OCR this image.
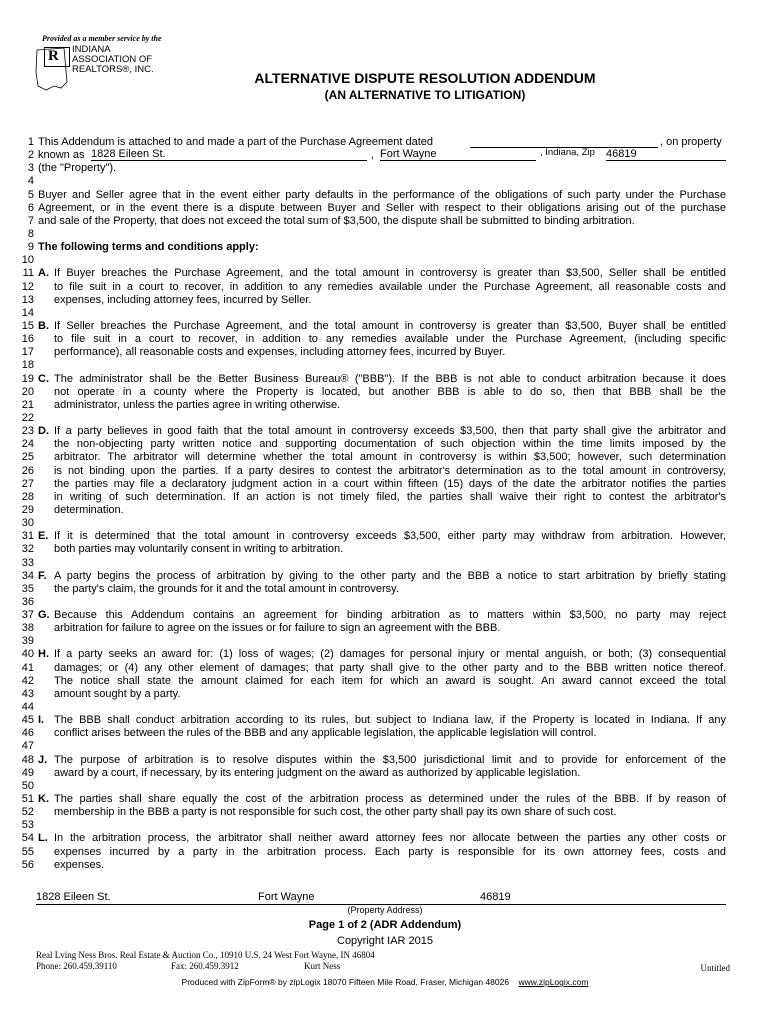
Provided as a member service by the
R INDIANA
ASSOCIATION OF
REALTORS®, INC.
ALTERNATIVE DISPUTE RESOLUTION ADDENDUM
(AN ALTERNATIVE TO LITIGATION)
1 This Addendum is attached to and made a part of the Purchase Agreement dated	, on property
2 known as 1828 Eileen St.	, Fort Wayne	, Indiana, Zip 46819
3 (the "Property").
4
5 Buyer and Seller agree that in the event either party defaults in the performance of the obligations of such party under the Purchase
6 Agreement, or in the event there is a dispute between Buyer and Seller with respect to their obligations arising out of the purchase
7 and sale of the Property, that does not exceed the total sum of $3,500, the dispute shall be submitted to binding arbitration.
8
9 The following terms and conditions apply:
10
11 A. If Buyer breaches the Purchase Agreement, and the total amount in controversy is greater than $3,500, Seller shall be entitled
12 to file suit in a court to recover, in addition to any remedies available under the Purchase Agreement, all reasonable costs and
13 expenses, including attorney fees, incurred by Seller.
14
15 B. If Seller breaches the Purchase Agreement, and the total amount in controversy is greater than $3,500, Buyer shall be entitled
16 to file suit in a court to recover, in addition to any remedies available under the Purchase Agreement, (including specific
17 performance), all reasonable costs and expenses, including attorney fees, incurred by Buyer.
18
19 C. The administrator shall be the Better Business Bureau® ("BBB"). If the BBB is not able to conduct arbitration because it does
20 not operate in a county where the Property is located, but another BBB is able to do so, then that BBB shall be the
21 administrator, unless the parties agree in writing otherwise.
22
23 D. If a party believes in good faith that the total amount in controversy exceeds $3,500, then that party shall give the arbitrator and
24 the non-objecting party written notice and supporting documentation of such objection within the time limits imposed by the
25 arbitrator. The arbitrator will determine whether the total amount in controversy is within $3,500; however, such determination
26 is not binding upon the parties. If a party desires to contest the arbitrator's determination as to the total amount in controversy,
27 the parties may file a declaratory judgment action in a court within fifteen (15) days of the date the arbitrator notifies the parties
28 in writing of such determination. If an action is not timely filed, the parties shall waive their right to contest the arbitrator's
29 determination.
30
31 E. If it is determined that the total amount in controversy exceeds $3,500, either party may withdraw from arbitration. However,
32 both parties may voluntarily consent in writing to arbitration.
33
34 F. A party begins the process of arbitration by giving to the other party and the BBB a notice to start arbitration by briefly stating
35 the party's claim, the grounds for it and the total amount in controversy.
36
37 G. Because this Addendum contains an agreement for binding arbitration as to matters within $3,500, no party may reject
38 arbitration for failure to agree on the issues or for failure to sign an agreement with the BBB.
39
40 H. If a party seeks an award for: (1) loss of wages; (2) damages for personal injury or mental anguish, or both; (3) consequential
41 damages; or (4) any other element of damages; that party shall give to the other party and to the BBB written notice thereof.
42 The notice shall state the amount claimed for each item for which an award is sought. An award cannot exceed the total
43 amount sought by a party.
44
45 I. The BBB shall conduct arbitration according to its rules, but subject to Indiana law, if the Property is located in Indiana. If any
46 conflict arises between the rules of the BBB and any applicable legislation, the applicable legislation will control.
47
48 J. The purpose of arbitration is to resolve disputes within the $3,500 jurisdictional limit and to provide for enforcement of the
49 award by a court, if necessary, by its entering judgment on the award as authorized by applicable legislation.
50
51 K. The parties shall share equally the cost of the arbitration process as determined under the rules of the BBB. If by reason of
52 membership in the BBB a party is not responsible for such cost, the other party shall pay its own share of such cost.
53
54 L. In the arbitration process, the arbitrator shall neither award attorney fees nor allocate between the parties any other costs or
55 expenses incurred by a party in the arbitration process. Each party is responsible for its own attorney fees, costs and
56 expenses.
1828 Eileen St.	Fort Wayne	46819
(Property Address)
Page 1 of 2 (ADR Addendum)
Copyright IAR 2015
Real Lving Ness Bros. Real Estate & Auction Co., 10910 U.S. 24 West Fort Wayne, IN 46804
Phone: 260.459.39110	Fax: 260.459.3912	Kurt Ness	Untitled
Produced with ZipForm® by zipLogix 18070 Fifteen Mile Road, Fraser, Michigan 48026 www.zipLogix.com
